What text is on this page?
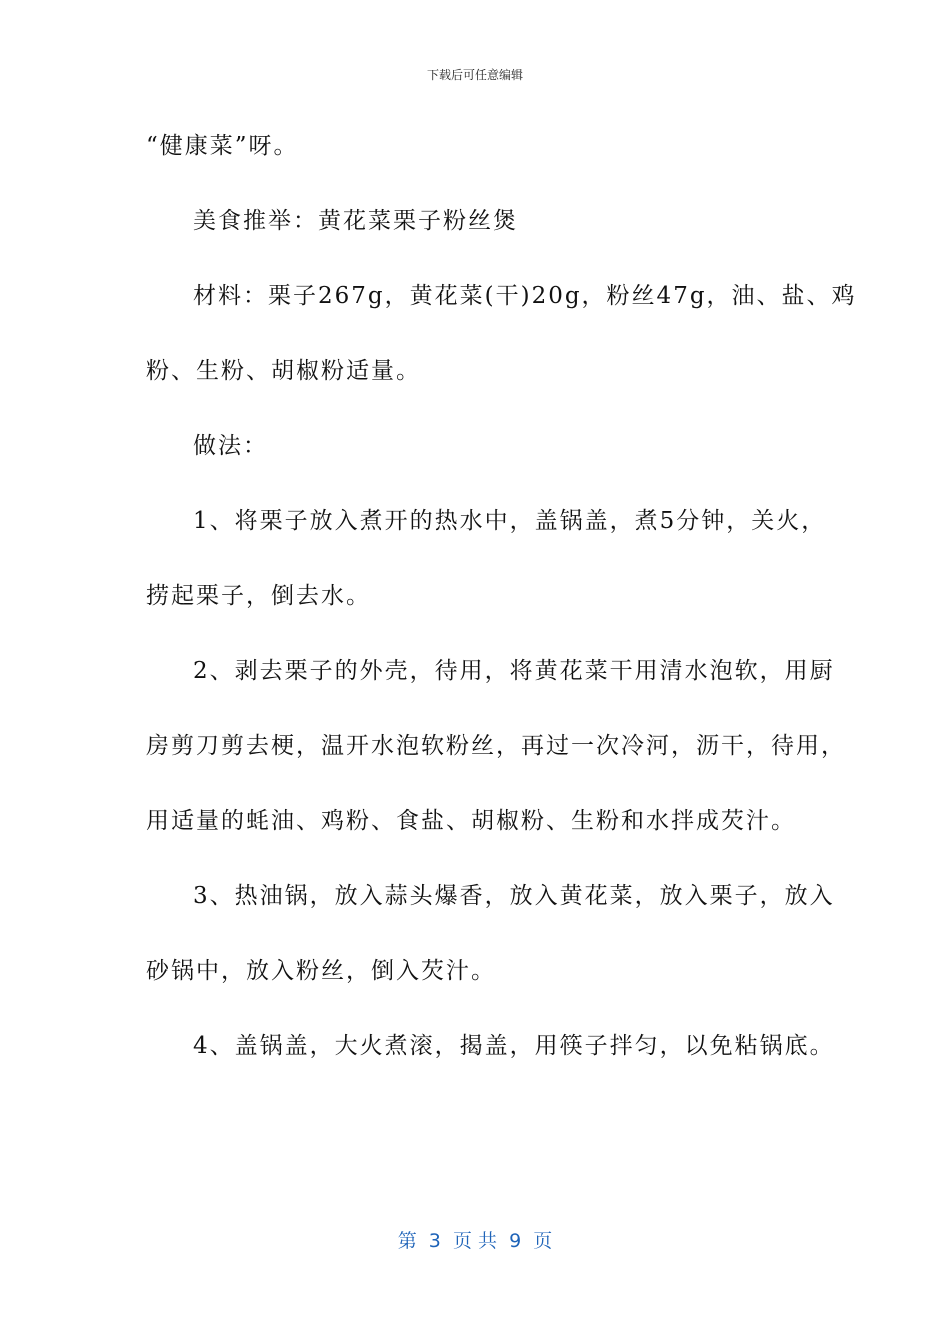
下载后可任意编辑
“健康菜”呀。
美食推举：黄花菜栗子粉丝煲
材料：栗子267g，黄花菜(干)20g，粉丝47g，油、盐、鸡
粉、生粉、胡椒粉适量。
做法：
1、将栗子放入煮开的热水中，盖锅盖，煮5分钟，关火，
捞起栗子，倒去水。
2、剥去栗子的外壳，待用，将黄花菜干用清水泡软，用厨
房剪刀剪去梗，温开水泡软粉丝，再过一次冷河，沥干，待用，
用适量的蚝油、鸡粉、食盐、胡椒粉、生粉和水拌成芡汁。
3、热油锅，放入蒜头爆香，放入黄花菜，放入栗子，放入
砂锅中，放入粉丝，倒入芡汁。
4、盖锅盖，大火煮滚，揭盖，用筷子拌匀，以免粘锅底。
第  3  页 共  9  页
